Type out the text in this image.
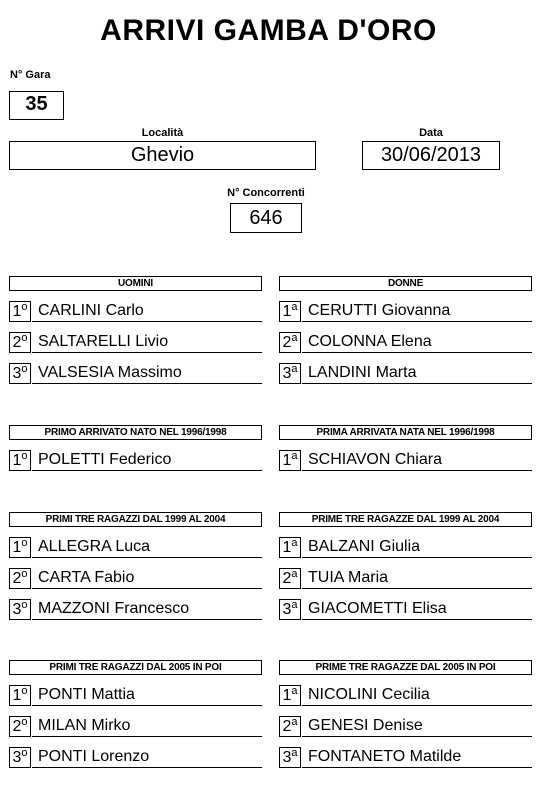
ARRIVI GAMBA D'ORO
N° Gara
35
Località
Ghevio
Data
30/06/2013
N° Concorrenti
646
UOMINI
1$^o$ CARLINI Carlo
2$^o$ SALTARELLI Livio
3$^o$ VALSESIA Massimo
DONNE
1$^a$ CERUTTI Giovanna
2$^a$ COLONNA Elena
3$^a$ LANDINI Marta
PRIMO ARRIVATO NATO NEL 1996/1998
1$^o$ POLETTI Federico
PRIMA ARRIVATA NATA NEL 1996/1998
1$^a$ SCHIAVON Chiara
PRIMI TRE RAGAZZI DAL 1999 AL 2004
1$^o$ ALLEGRA Luca
2$^o$ CARTA Fabio
3$^o$ MAZZONI Francesco
PRIME TRE RAGAZZE DAL 1999 AL 2004
1$^a$ BALZANI Giulia
2$^a$ TUIA Maria
3$^a$ GIACOMETTI Elisa
PRIMI TRE RAGAZZI DAL 2005 IN POI
1$^o$ PONTI Mattia
2$^o$ MILAN Mirko
3$^o$ PONTI Lorenzo
PRIME TRE RAGAZZE DAL 2005 IN POI
1$^a$ NICOLINI Cecilia
2$^a$ GENESI Denise
3$^a$ FONTANETO Matilde
